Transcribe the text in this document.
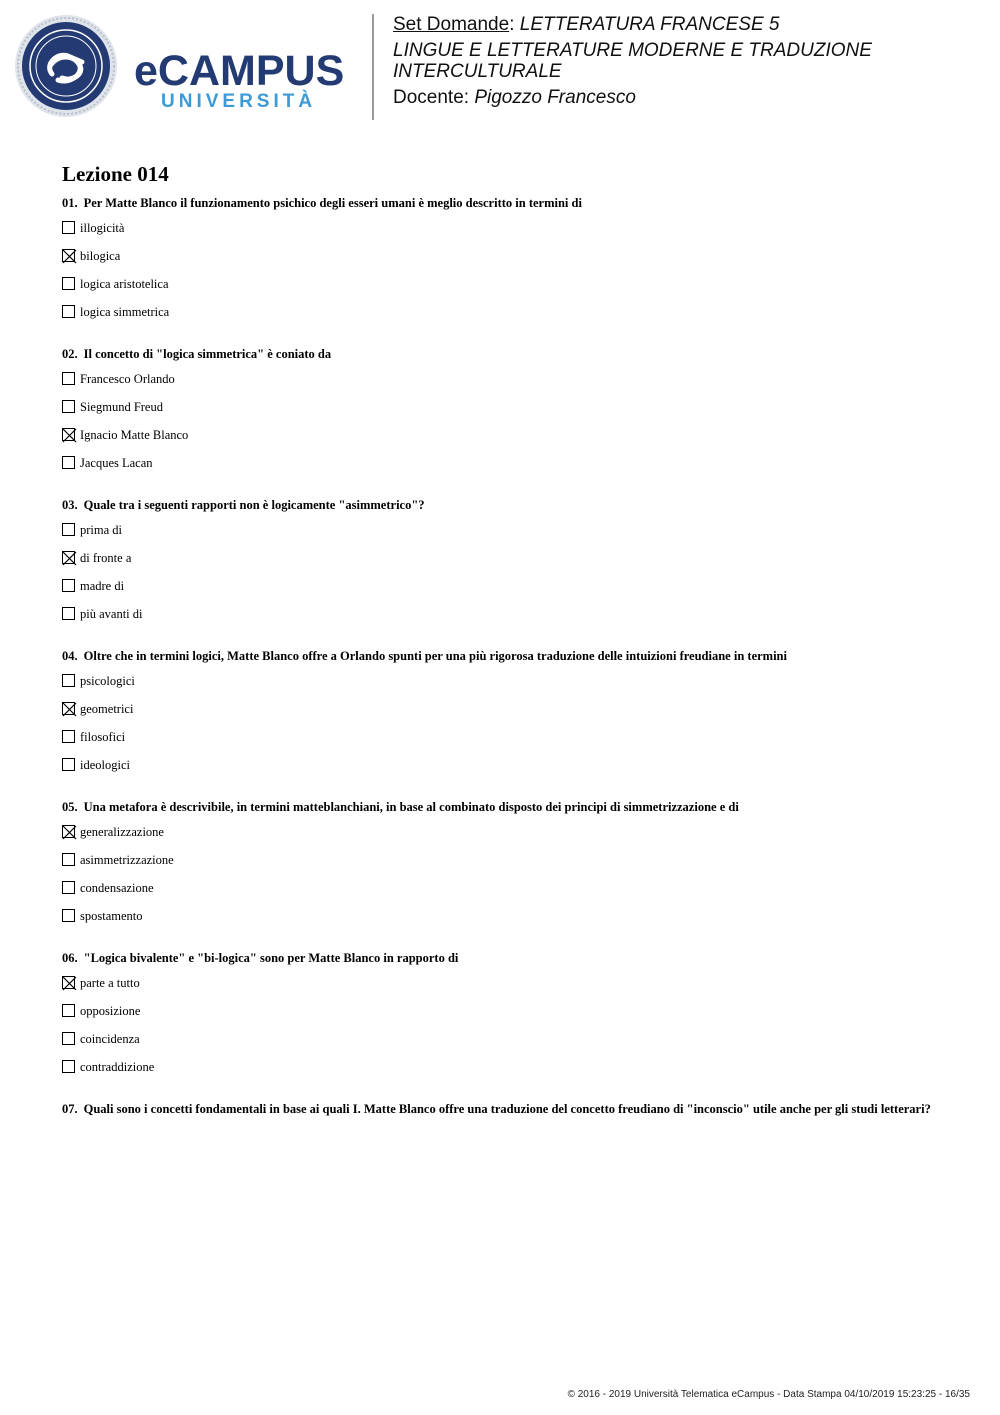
eCAMPUS
UNIVERSITÀ

Set Domande: LETTERATURA FRANCESE 5

LINGUE E LETTERATURE MODERNE E TRADUZIONE INTERCULTURALE

Docente: Pigozzo Francesco

Lezione 014

01. Per Matte Blanco il funzionamento psichico degli esseri umani è meglio descritto in termini di

illogicità
bilogica
logica aristotelica
logica simmetrica

02. Il concetto di "logica simmetrica" è coniato da

Francesco Orlando
Siegmund Freud
Ignacio Matte Blanco
Jacques Lacan

03. Quale tra i seguenti rapporti non è logicamente "asimmetrico"?

prima di
di fronte a
madre di
più avanti di

04. Oltre che in termini logici, Matte Blanco offre a Orlando spunti per una più rigorosa traduzione delle intuizioni freudiane in termini

psicologici
geometrici
filosofici
ideologici

05. Una metafora è descrivibile, in termini matteblanchiani, in base al combinato disposto dei principi di simmetrizzazione e di

generalizzazione
asimmetrizzazione
condensazione
spostamento

06. "Logica bivalente" e "bi-logica" sono per Matte Blanco in rapporto di

parte a tutto
opposizione
coincidenza
contraddizione

07. Quali sono i concetti fondamentali in base ai quali I. Matte Blanco offre una traduzione del concetto freudiano di "inconscio" utile anche per gli studi letterari?

© 2016 - 2019 Università Telematica eCampus - Data Stampa 04/10/2019 15:23:25 - 16/35
